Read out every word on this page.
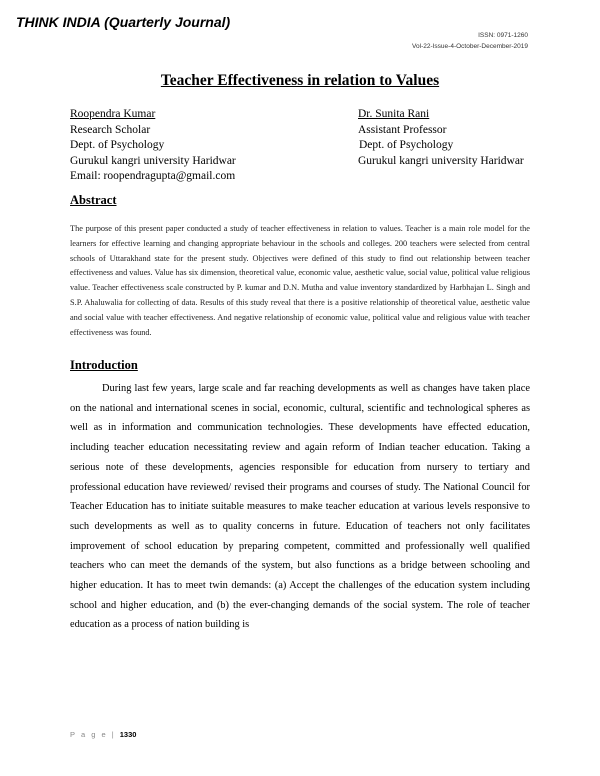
THINK INDIA (Quarterly Journal)
ISSN: 0971-1260
Vol-22-Issue-4-October-December-2019
Teacher Effectiveness in relation to Values
Roopendra Kumar
Research Scholar
Dept. of Psychology
Gurukul kangri university Haridwar
Email: roopendragupta@gmail.com
Dr. Sunita Rani
Assistant Professor
Dept. of Psychology
Gurukul kangri university Haridwar
Abstract
The purpose of this present paper conducted a study of teacher effectiveness in relation to values. Teacher is a main role model for the learners for effective learning and changing appropriate behaviour in the schools and colleges. 200 teachers were selected from central schools of Uttarakhand state for the present study. Objectives were defined of this study to find out relationship between teacher effectiveness and values. Value has six dimension, theoretical value, economic value, aesthetic value, social value, political value religious value. Teacher effectiveness scale constructed by P. kumar and D.N. Mutha and value inventory standardized by Harbhajan L. Singh and S.P. Ahaluwalia for collecting of data. Results of this study reveal that there is a positive relationship of theoretical value, aesthetic value and social value with teacher effectiveness. And negative relationship of economic value, political value and religious value with teacher effectiveness was found.
Introduction
During last few years, large scale and far reaching developments as well as changes have taken place on the national and international scenes in social, economic, cultural, scientific and technological spheres as well as in information and communication technologies. These developments have effected education, including teacher education necessitating review and again reform of Indian teacher education. Taking a serious note of these developments, agencies responsible for education from nursery to tertiary and professional education have reviewed/ revised their programs and courses of study. The National Council for Teacher Education has to initiate suitable measures to make teacher education at various levels responsive to such developments as well as to quality concerns in future. Education of teachers not only facilitates improvement of school education by preparing competent, committed and professionally well qualified teachers who can meet the demands of the system, but also functions as a bridge between schooling and higher education. It has to meet twin demands: (a) Accept the challenges of the education system including school and higher education, and (b) the ever-changing demands of the social system. The role of teacher education as a process of nation building is
P a g e | 1330
